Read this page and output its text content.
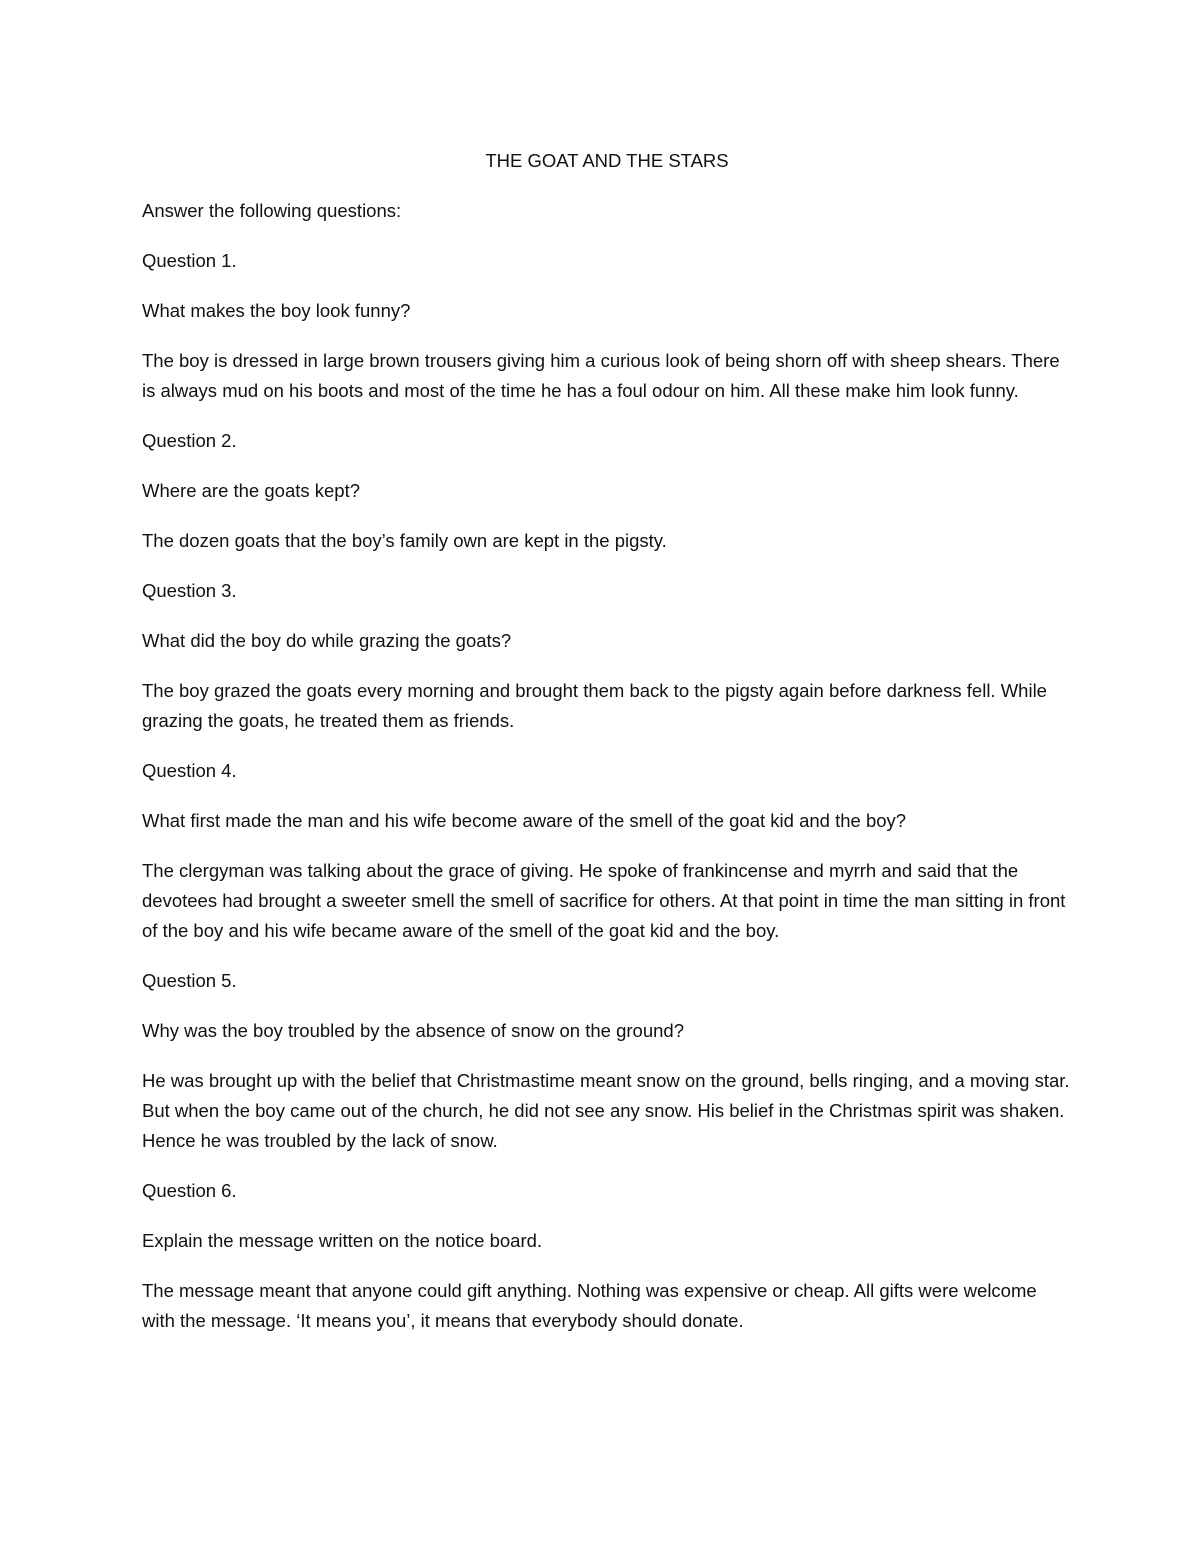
THE GOAT AND THE STARS

Answer the following questions:

Question 1.

What makes the boy look funny?

The boy is dressed in large brown trousers giving him a curious look of being shorn off with sheep shears. There is always mud on his boots and most of the time he has a foul odour on him. All these make him look funny.

Question 2.

Where are the goats kept?

The dozen goats that the boy’s family own are kept in the pigsty.

Question 3.

What did the boy do while grazing the goats?

The boy grazed the goats every morning and brought them back to the pigsty again before darkness fell. While grazing the goats, he treated them as friends.

Question 4.

What first made the man and his wife become aware of the smell of the goat kid and the boy?

The clergyman was talking about the grace of giving. He spoke of frankincense and myrrh and said that the devotees had brought a sweeter smell the smell of sacrifice for others. At that point in time the man sitting in front of the boy and his wife became aware of the smell of the goat kid and the boy.

Question 5.

Why was the boy troubled by the absence of snow on the ground?

He was brought up with the belief that Christmastime meant snow on the ground, bells ringing, and a moving star. But when the boy came out of the church, he did not see any snow. His belief in the Christmas spirit was shaken. Hence he was troubled by the lack of snow.

Question 6.

Explain the message written on the notice board.

The message meant that anyone could gift anything. Nothing was expensive or cheap. All gifts were welcome with the message. ‘It means you’, it means that everybody should donate.
